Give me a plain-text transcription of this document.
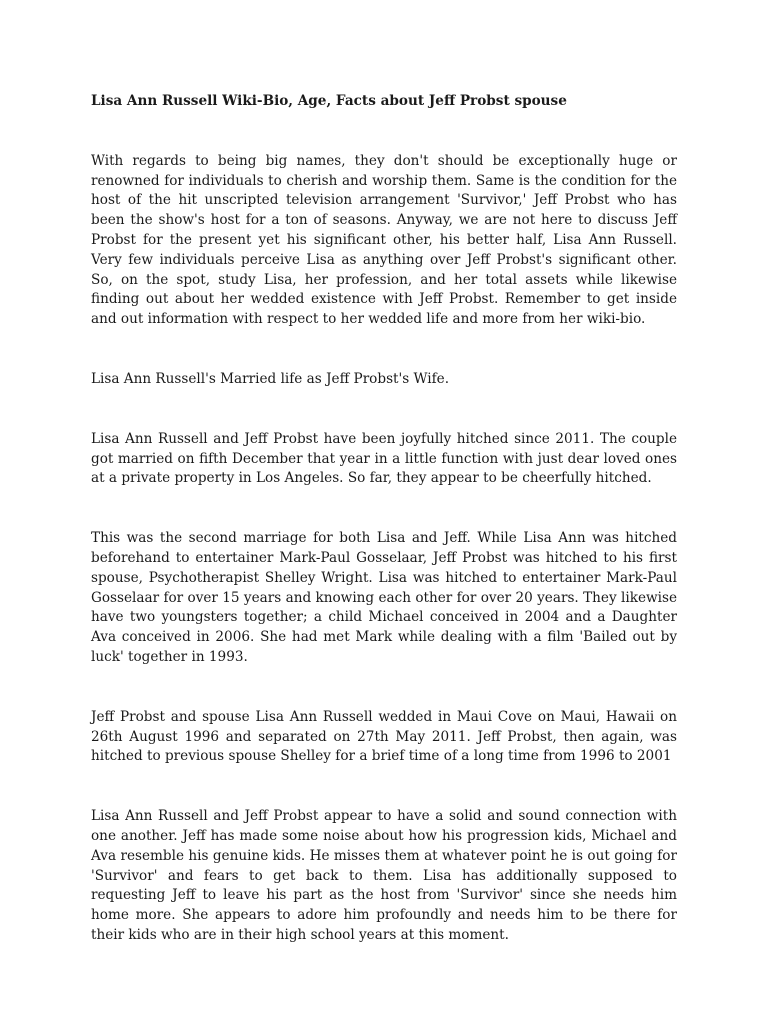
Lisa Ann Russell Wiki-Bio, Age, Facts about Jeff Probst spouse

With regards to being big names, they don't should be exceptionally huge or renowned for individuals to cherish and worship them. Same is the condition for the host of the hit unscripted television arrangement 'Survivor,' Jeff Probst who has been the show's host for a ton of seasons. Anyway, we are not here to discuss Jeff Probst for the present yet his significant other, his better half, Lisa Ann Russell. Very few individuals perceive Lisa as anything over Jeff Probst's significant other. So, on the spot, study Lisa, her profession, and her total assets while likewise finding out about her wedded existence with Jeff Probst. Remember to get inside and out information with respect to her wedded life and more from her wiki-bio.

Lisa Ann Russell's Married life as Jeff Probst's Wife.

Lisa Ann Russell and Jeff Probst have been joyfully hitched since 2011. The couple got married on fifth December that year in a little function with just dear loved ones at a private property in Los Angeles. So far, they appear to be cheerfully hitched.

This was the second marriage for both Lisa and Jeff. While Lisa Ann was hitched beforehand to entertainer Mark-Paul Gosselaar, Jeff Probst was hitched to his first spouse, Psychotherapist Shelley Wright. Lisa was hitched to entertainer Mark-Paul Gosselaar for over 15 years and knowing each other for over 20 years. They likewise have two youngsters together; a child Michael conceived in 2004 and a Daughter Ava conceived in 2006. She had met Mark while dealing with a film 'Bailed out by luck' together in 1993.

Jeff Probst and spouse Lisa Ann Russell wedded in Maui Cove on Maui, Hawaii on 26th August 1996 and separated on 27th May 2011. Jeff Probst, then again, was hitched to previous spouse Shelley for a brief time of a long time from 1996 to 2001

Lisa Ann Russell and Jeff Probst appear to have a solid and sound connection with one another. Jeff has made some noise about how his progression kids, Michael and Ava resemble his genuine kids. He misses them at whatever point he is out going for 'Survivor' and fears to get back to them. Lisa has additionally supposed to requesting Jeff to leave his part as the host from 'Survivor' since she needs him home more. She appears to adore him profoundly and needs him to be there for their kids who are in their high school years at this moment.
